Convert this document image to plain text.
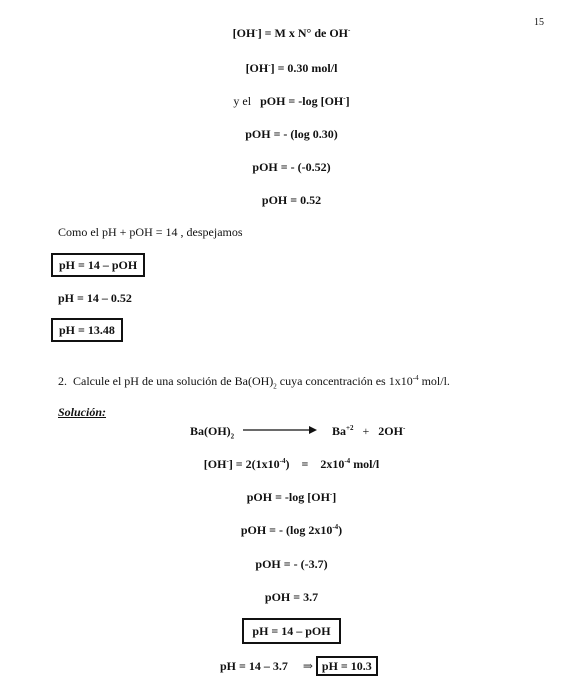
15
[OH-] = M x N° de OH-
[OH-] = 0.30 mol/l
y el pOH = -log [OH-]
pOH = - (log 0.30)
pOH = - (-0.52)
pOH = 0.52
Como el pH + pOH = 14 , despejamos
pH = 14 – pOH
pH = 14 – 0.52
pH = 13.48
2. Calcule el pH de una solución de $Ba(OH)_2$ cuya concentración es $1x10^{-4}$ mol/l.
Solución:
$Ba(OH)_2$	$Ba^{+2} + 2OH^-$
$[OH^-] = 2(1x10^{-4}) = 2x10^{-4}$ mol/l
pOH = -log [OH-]
pOH = - (log $2x10^{-4}$)
pOH = - (-3.7)
pOH = 3.7
pH = 14 – pOH
pH = 14 – 3.7 ⇒ pH = 10.3
